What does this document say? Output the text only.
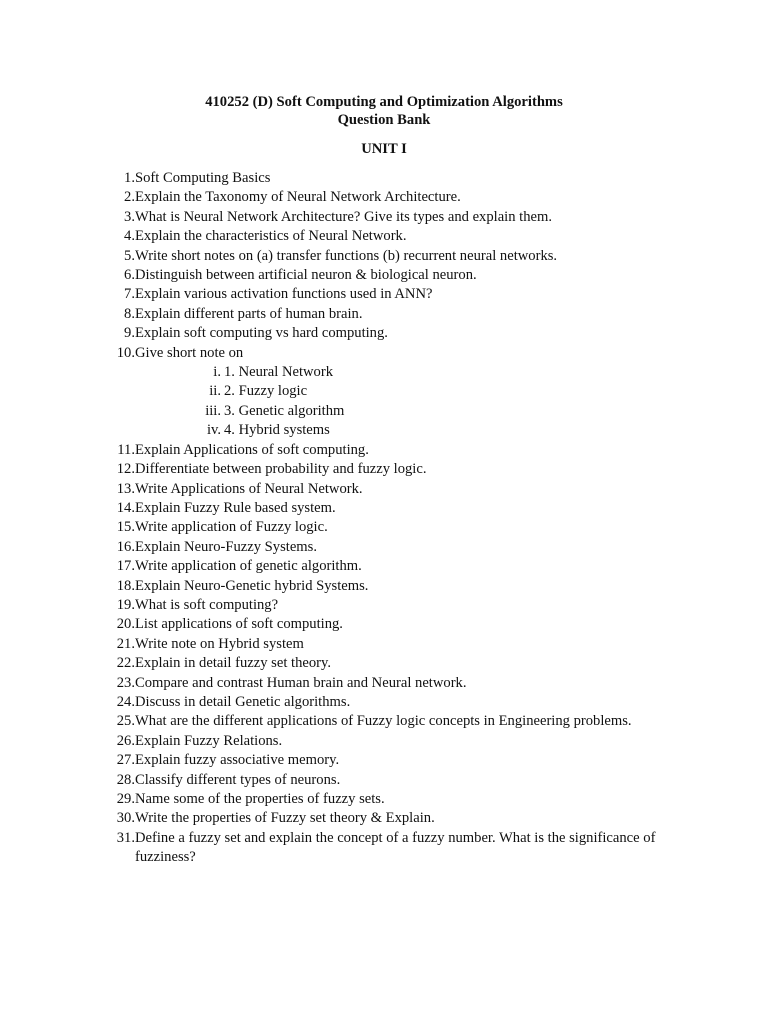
410252 (D) Soft Computing and Optimization Algorithms
Question Bank
UNIT I
1. Soft Computing Basics
2. Explain the Taxonomy of Neural Network Architecture.
3. What is Neural Network Architecture? Give its types and explain them.
4. Explain the characteristics of Neural Network.
5. Write short notes on (a) transfer functions (b) recurrent neural networks.
6. Distinguish between artificial neuron & biological neuron.
7. Explain various activation functions used in ANN?
8. Explain different parts of human brain.
9. Explain soft computing vs hard computing.
10. Give short note on
i. 1. Neural Network
ii. 2. Fuzzy logic
iii. 3. Genetic algorithm
iv. 4. Hybrid systems
11. Explain Applications of soft computing.
12. Differentiate between probability and fuzzy logic.
13. Write Applications of Neural Network.
14. Explain Fuzzy Rule based system.
15. Write application of Fuzzy logic.
16. Explain Neuro-Fuzzy Systems.
17. Write application of genetic algorithm.
18. Explain Neuro-Genetic hybrid Systems.
19. What is soft computing?
20. List applications of soft computing.
21. Write note on Hybrid system
22. Explain in detail fuzzy set theory.
23. Compare and contrast Human brain and Neural network.
24. Discuss in detail Genetic algorithms.
25. What are the different applications of Fuzzy logic concepts in Engineering problems.
26. Explain Fuzzy Relations.
27. Explain fuzzy associative memory.
28. Classify different types of neurons.
29. Name some of the properties of fuzzy sets.
30. Write the properties of Fuzzy set theory & Explain.
31. Define a fuzzy set and explain the concept of a fuzzy number. What is the significance of fuzziness?
